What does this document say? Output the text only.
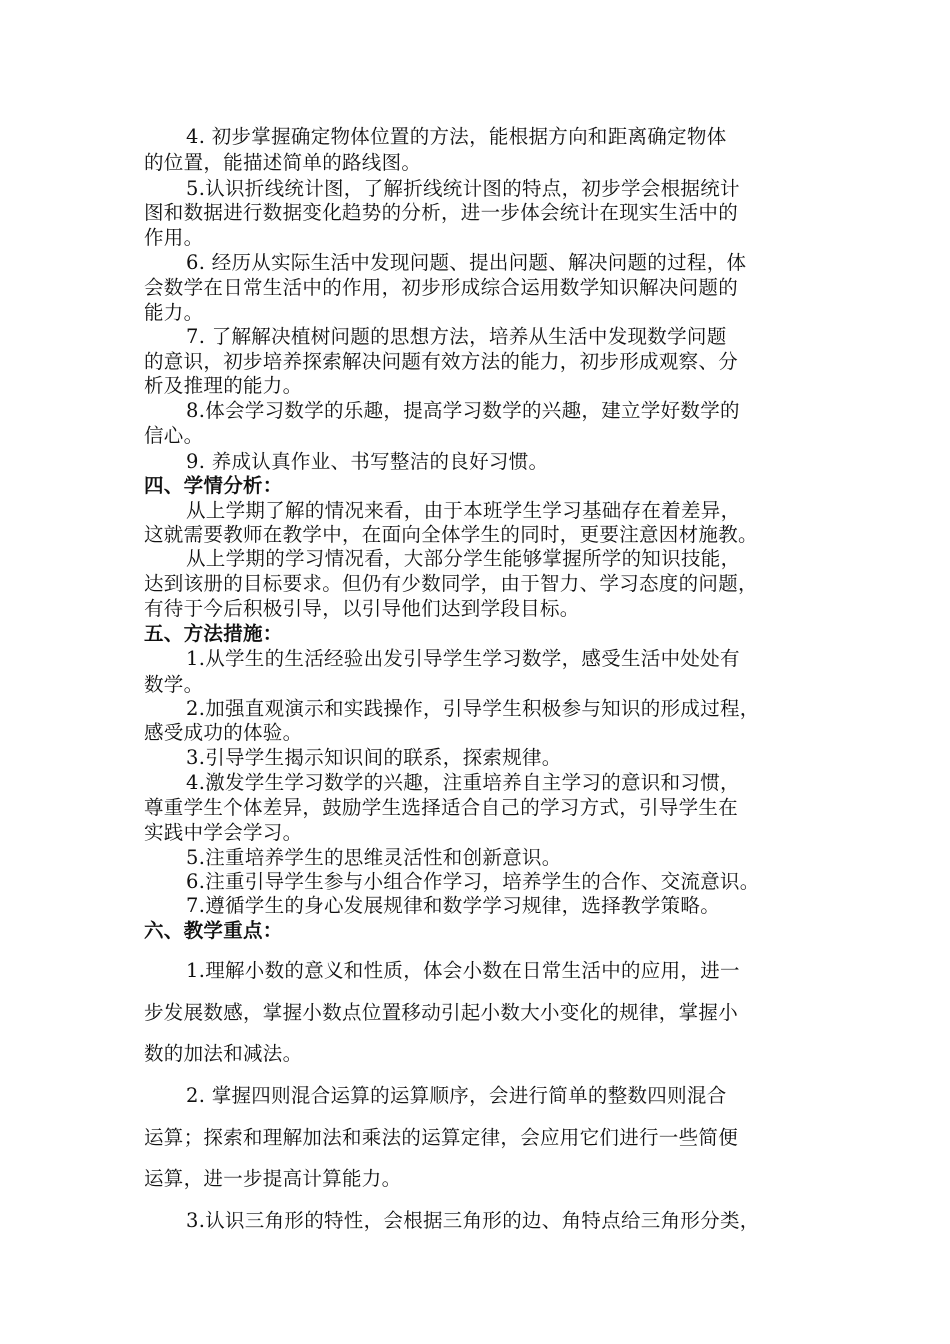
4. 初步掌握确定物体位置的方法，能根据方向和距离确定物体

的位置，能描述简单的路线图。

5.认识折线统计图，了解折线统计图的特点，初步学会根据统计

图和数据进行数据变化趋势的分析，进一步体会统计在现实生活中的

作用。

6. 经历从实际生活中发现问题、提出问题、解决问题的过程，体

会数学在日常生活中的作用，初步形成综合运用数学知识解决问题的

能力。

7. 了解解决植树问题的思想方法，培养从生活中发现数学问题

的意识，初步培养探索解决问题有效方法的能力，初步形成观察、分

析及推理的能力。

8.体会学习数学的乐趣，提高学习数学的兴趣，建立学好数学的

信心。

9. 养成认真作业、书写整洁的良好习惯。

四、学情分析：

从上学期了解的情况来看，由于本班学生学习基础存在着差异，

这就需要教师在教学中，在面向全体学生的同时，更要注意因材施教。

从上学期的学习情况看，大部分学生能够掌握所学的知识技能，

达到该册的目标要求。但仍有少数同学，由于智力、学习态度的问题，

有待于今后积极引导，以引导他们达到学段目标。

五、方法措施：

1.从学生的生活经验出发引导学生学习数学，感受生活中处处有

数学。

2.加强直观演示和实践操作，引导学生积极参与知识的形成过程，

感受成功的体验。

3.引导学生揭示知识间的联系，探索规律。

4.激发学生学习数学的兴趣，注重培养自主学习的意识和习惯，

尊重学生个体差异，鼓励学生选择适合自己的学习方式，引导学生在

实践中学会学习。

5.注重培养学生的思维灵活性和创新意识。

6.注重引导学生参与小组合作学习，培养学生的合作、交流意识。

7.遵循学生的身心发展规律和数学学习规律，选择教学策略。

六、教学重点：

1.理解小数的意义和性质，体会小数在日常生活中的应用，进一

步发展数感，掌握小数点位置移动引起小数大小变化的规律，掌握小

数的加法和减法。

2. 掌握四则混合运算的运算顺序，会进行简单的整数四则混合

运算；探索和理解加法和乘法的运算定律，会应用它们进行一些简便

运算，进一步提高计算能力。

3.认识三角形的特性，会根据三角形的边、角特点给三角形分类，
